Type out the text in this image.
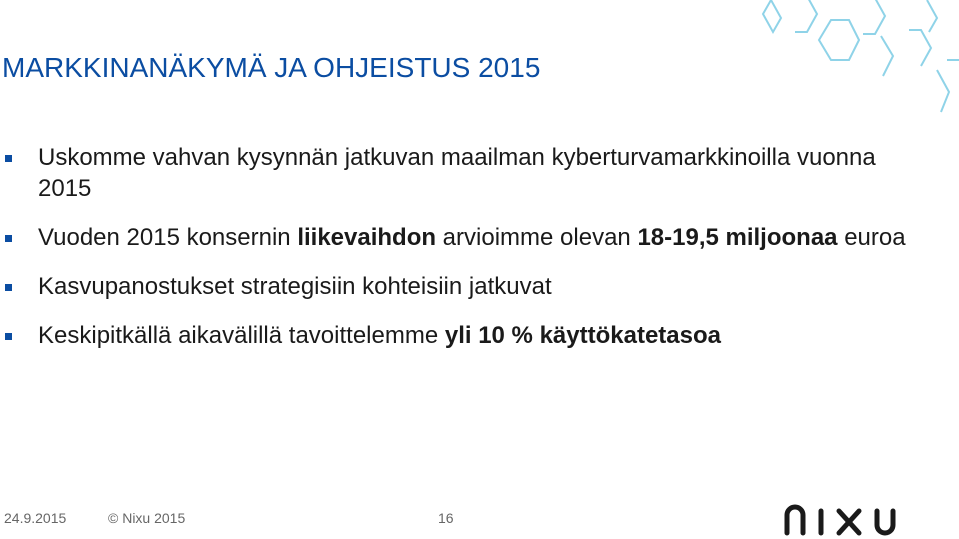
MARKKINANÄKYMÄ JA OHJEISTUS 2015
Uskomme vahvan kysynnän jatkuvan maailman kyberturvamarkkinoilla vuonna 2015
Vuoden 2015 konsernin liikevaihdon arvioimme olevan 18-19,5 miljoonaa euroa
Kasvupanostukset strategisiin kohteisiin jatkuvat
Keskipitkällä aikavälillä tavoittelemme yli 10 % käyttökatetasoa
24.9.2015	© Nixu 2015	16
